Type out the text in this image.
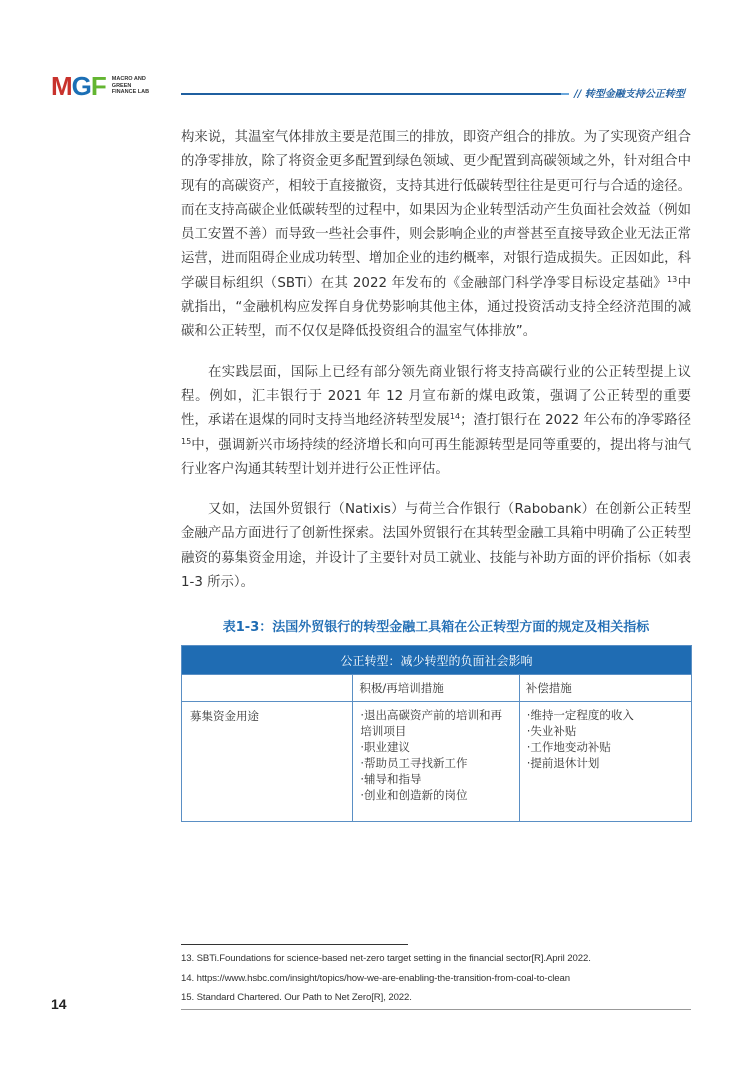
MGF MACRO AND
GREEN
FINANCE LAB	// 转型金融支持公正转型

构来说，其温室气体排放主要是范围三的排放，即资产组合的排放。为了实现资产组合的净零排放，除了将资金更多配置到绿色领域、更少配置到高碳领域之外，针对组合中现有的高碳资产，相较于直接撤资，支持其进行低碳转型往往是更可行与合适的途径。而在支持高碳企业低碳转型的过程中，如果因为企业转型活动产生负面社会效益（例如员工安置不善）而导致一些社会事件，则会影响企业的声誉甚至直接导致企业无法正常运营，进而阻碍企业成功转型、增加企业的违约概率，对银行造成损失。正因如此，科学碳目标组织（SBTi）在其 2022 年发布的《金融部门科学净零目标设定基础》$^{13}$中就指出，“金融机构应发挥自身优势影响其他主体，通过投资活动支持全经济范围的减碳和公正转型，而不仅仅是降低投资组合的温室气体排放”。

在实践层面，国际上已经有部分领先商业银行将支持高碳行业的公正转型提上议程。例如，汇丰银行于 2021 年 12 月宣布新的煤电政策，强调了公正转型的重要性，承诺在退煤的同时支持当地经济转型发展$^{14}$；渣打银行在 2022 年公布的净零路径$^{15}$中，强调新兴市场持续的经济增长和向可再生能源转型是同等重要的，提出将与油气行业客户沟通其转型计划并进行公正性评估。

又如，法国外贸银行（Natixis）与荷兰合作银行（Rabobank）在创新公正转型金融产品方面进行了创新性探索。法国外贸银行在其转型金融工具箱中明确了公正转型融资的募集资金用途，并设计了主要针对员工就业、技能与补助方面的评价指标（如表 1-3 所示）。

表1-3：法国外贸银行的转型金融工具箱在公正转型方面的规定及相关指标
公正转型：减少转型的负面社会影响		
	积极/再培训措施	补偿措施
募集资金用途	·退出高碳资产前的培训和再培训项目
·职业建议
·帮助员工寻找新工作
·辅导和指导
·创业和创造新的岗位	·维持一定程度的收入
·失业补贴
·工作地变动补贴
·提前退休计划
13. SBTi.Foundations for science-based net-zero target setting in the financial sector[R].April 2022.
14. https://www.hsbc.com/insight/topics/how-we-are-enabling-the-transition-from-coal-to-clean
15. Standard Chartered. Our Path to Net Zero[R], 2022.
14
